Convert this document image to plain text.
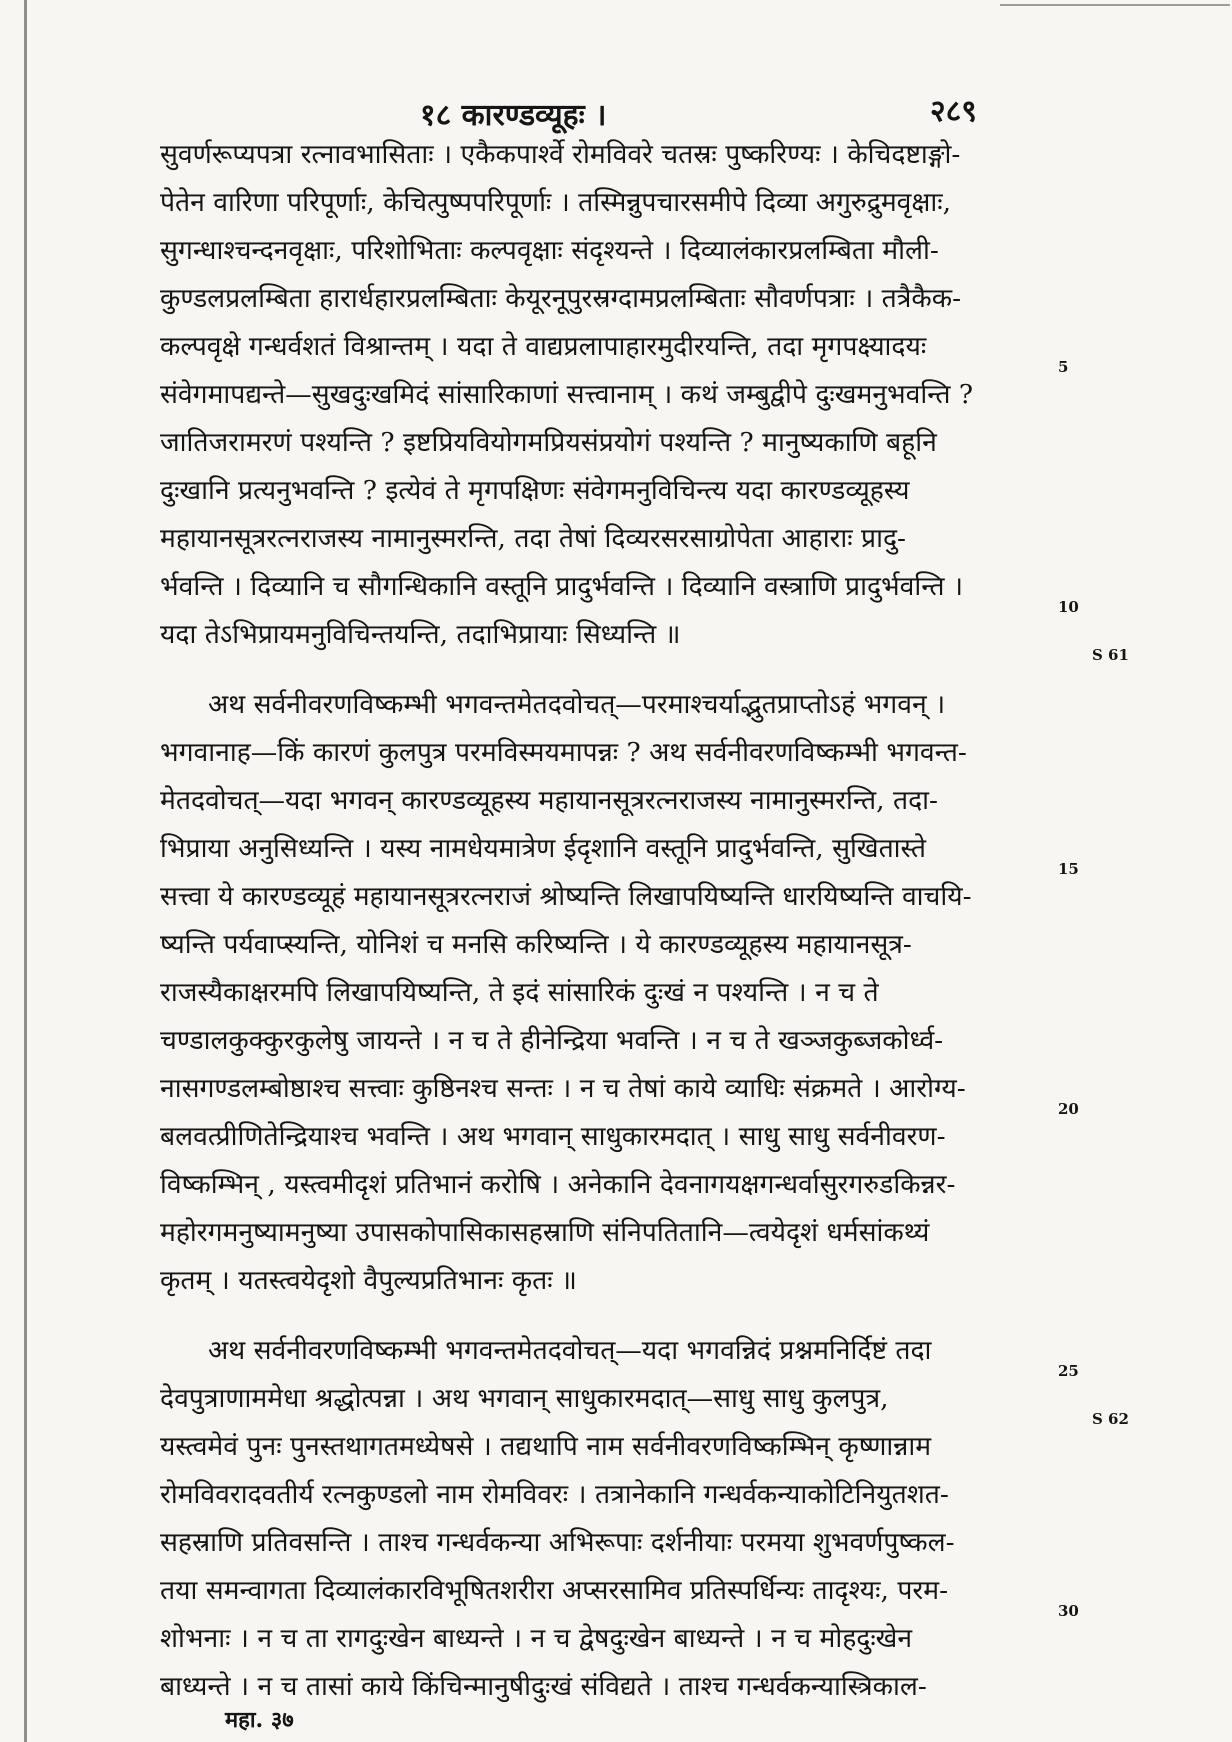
१८ कारण्डव्यूहः ।	२८९
सुवर्णरूप्यपत्रा रत्नावभासिताः । एकैकपार्श्वे रोमविवरे चतस्रः पुष्करिण्यः । केचिदष्टाङ्गो-
पेतेन वारिणा परिपूर्णाः, केचित्पुष्पपरिपूर्णाः । तस्मिन्नुपचारसमीपे दिव्या अगुरुद्रुमवृक्षाः,
सुगन्धाश्चन्दनवृक्षाः, परिशोभिताः कल्पवृक्षाः संदृश्यन्ते । दिव्यालंकारप्रलम्बिता मौली-
कुण्डलप्रलम्बिता हारार्धहारप्रलम्बिताः केयूरनूपुरस्रग्दामप्रलम्बिताः सौवर्णपत्राः । तत्रैकैक-
कल्पवृक्षे गन्धर्वशतं विश्रान्तम् । यदा ते वाद्यप्रलापाहारमुदीरयन्ति, तदा मृगपक्ष्यादयः
संवेगमापद्यन्ते—सुखदुःखमिदं सांसारिकाणां सत्त्वानाम् । कथं जम्बुद्वीपे दुःखमनुभवन्ति ?
जातिजरामरणं पश्यन्ति ? इष्टप्रियवियोगमप्रियसंप्रयोगं पश्यन्ति ? मानुष्यकाणि बहूनि
दुःखानि प्रत्यनुभवन्ति ? इत्येवं ते मृगपक्षिणः संवेगमनुविचिन्त्य यदा कारण्डव्यूहस्य
महायानसूत्ररत्नराजस्य नामानुस्मरन्ति, तदा तेषां दिव्यरसरसाग्रोपेता आहाराः प्रादु-
र्भवन्ति । दिव्यानि च सौगन्धिकानि वस्तूनि प्रादुर्भवन्ति । दिव्यानि वस्त्राणि प्रादुर्भवन्ति ।
यदा तेऽभिप्रायमनुविचिन्तयन्ति, तदाभिप्रायाः सिध्यन्ति ॥
अथ सर्वनीवरणविष्कम्भी भगवन्तमेतदवोचत्—परमाश्चर्याद्भुतप्राप्तोऽहं भगवन् ।
भगवानाह—किं कारणं कुलपुत्र परमविस्मयमापन्नः ? अथ सर्वनीवरणविष्कम्भी भगवन्त-
मेतदवोचत्—यदा भगवन् कारण्डव्यूहस्य महायानसूत्ररत्नराजस्य नामानुस्मरन्ति, तदा-
भिप्राया अनुसिध्यन्ति । यस्य नामधेयमात्रेण ईदृशानि वस्तूनि प्रादुर्भवन्ति, सुखितास्ते
सत्त्वा ये कारण्डव्यूहं महायानसूत्ररत्नराजं श्रोष्यन्ति लिखापयिष्यन्ति धारयिष्यन्ति वाचयि-
ष्यन्ति पर्यवाप्स्यन्ति, योनिशं च मनसि करिष्यन्ति । ये कारण्डव्यूहस्य महायानसूत्र-
राजस्यैकाक्षरमपि लिखापयिष्यन्ति, ते इदं सांसारिकं दुःखं न पश्यन्ति । न च ते
चण्डालकुक्कुरकुलेषु जायन्ते । न च ते हीनेन्द्रिया भवन्ति । न च ते खञ्जकुब्जकोर्ध्व-
नासगण्डलम्बोष्ठाश्च सत्त्वाः कुष्ठिनश्च सन्तः । न च तेषां काये व्याधिः संक्रमते । आरोग्य-
बलवत्प्रीणितेन्द्रियाश्च भवन्ति । अथ भगवान् साधुकारमदात् । साधु साधु सर्वनीवरण-
विष्कम्भिन् , यस्त्वमीदृशं प्रतिभानं करोषि । अनेकानि देवनागयक्षगन्धर्वासुरगरुडकिन्नर-
महोरगमनुष्यामनुष्या उपासकोपासिकासहस्राणि संनिपतितानि—त्वयेदृशं धर्मसांकथ्यं
कृतम् । यतस्त्वयेदृशो वैपुल्यप्रतिभानः कृतः ॥
अथ सर्वनीवरणविष्कम्भी भगवन्तमेतदवोचत्—यदा भगवन्निदं प्रश्नमनिर्दिष्टं तदा
देवपुत्राणाममेधा श्रद्धोत्पन्ना । अथ भगवान् साधुकारमदात्—साधु साधु कुलपुत्र,
यस्त्वमेवं पुनः पुनस्तथागतमध्येषसे । तद्यथापि नाम सर्वनीवरणविष्कम्भिन् कृष्णान्नाम
रोमविवरादवतीर्य रत्नकुण्डलो नाम रोमविवरः । तत्रानेकानि गन्धर्वकन्याकोटिनियुतशत-
सहस्राणि प्रतिवसन्ति । ताश्च गन्धर्वकन्या अभिरूपाः दर्शनीयाः परमया शुभवर्णपुष्कल-
तया समन्वागता दिव्यालंकारविभूषितशरीरा अप्सरसामिव प्रतिस्पर्धिन्यः तादृश्यः, परम-
शोभनाः । न च ता रागदुःखेन बाध्यन्ते । न च द्वेषदुःखेन बाध्यन्ते । न च मोहदुःखेन
बाध्यन्ते । न च तासां काये किंचिन्मानुषीदुःखं संविद्यते । ताश्च गन्धर्वकन्यास्त्रिकाल-
5
10
15
20
25
30
S 61
S 62
महा. ३७
